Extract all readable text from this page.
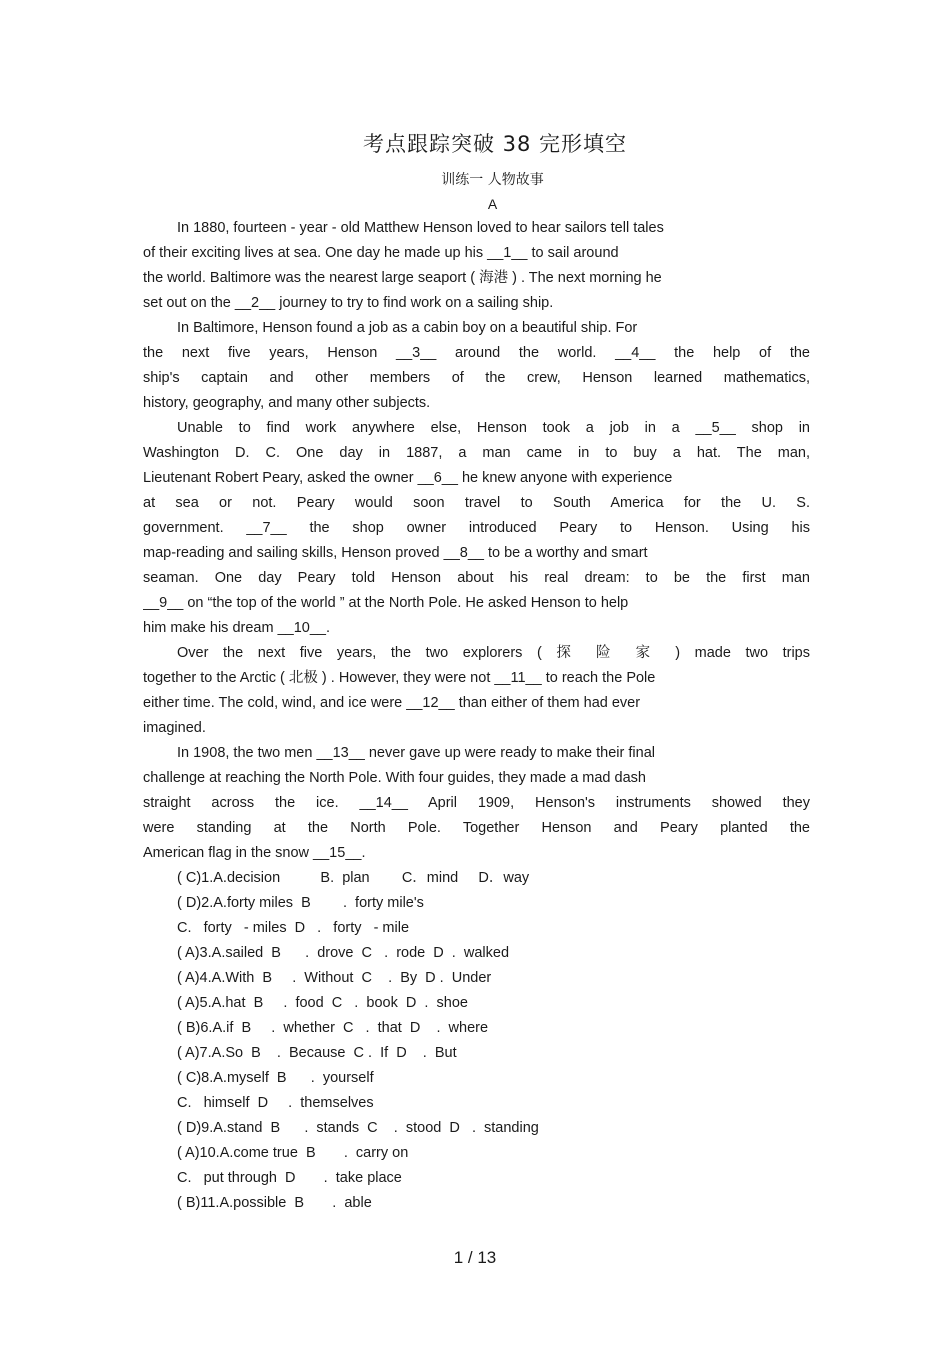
考点跟踪突破 38 完形填空
训练一 人物故事
A
In 1880, fourteen - year - old Matthew Henson loved to hear sailors tell tales
of their exciting lives at sea. One day he made up his __1__ to sail around
the world. Baltimore was the nearest large seaport ( 海港 ) . The next morning he
set out on the __2__ journey to try to find work on a sailing ship.
In Baltimore, Henson found a job as a cabin boy on a beautiful ship. For
the next five years, Henson __3__ around the world. __4__ the help of the
ship's captain and other members of the crew, Henson learned mathematics,
history, geography, and many other subjects.
Unable to find work anywhere else, Henson took a job in a __5__ shop in
Washington D. C. One day in 1887, a man came in to buy a hat. The man,
Lieutenant Robert Peary, asked the owner __6__ he knew anyone with experience
at sea or not. Peary would soon travel to South America for the U. S.
government. __7__ the shop owner introduced Peary to Henson. Using his
map-reading and sailing skills, Henson proved __8__ to be a worthy and smart
seaman. One day Peary told Henson about his real dream: to be the first man
__9__ on “the top of the world ” at the North Pole. He asked Henson to help
him make his dream __10__.
Over the next five years, the two explorers ( 探 险 家 ) made two trips
together to the Arctic ( 北极 ) . However, they were not __11__ to reach the Pole
either time. The cold, wind, and ice were __12__ than either of them had ever
imagined.
In 1908, the two men __13__ never gave up were ready to make their final
challenge at reaching the North Pole. With four guides, they made a mad dash
straight across the ice. __14__ April 1909, Henson's instruments showed they
were standing at the North Pole. Together Henson and Peary planted the
American flag in the snow __15__.
( C)1.A.decision          B.  plan        C．mind     D．way
( D)2.A.forty miles  B        .  forty mile's
C.   forty   - miles  D   .   forty   - mile
( A)3.A.sailed  B      .  drove  C   .  rode  D  .  walked
( A)4.A.With  B     .  Without  C    .  By  D .  Under
( A)5.A.hat  B     .  food  C   .  book  D  .  shoe
( B)6.A.if  B     .  whether  C   .  that  D    .  where
( A)7.A.So  B    .  Because  C .  If  D    .  But
( C)8.A.myself  B      .  yourself
C.   himself  D     .  themselves
( D)9.A.stand  B      .  stands  C    .  stood  D   .  standing
( A)10.A.come true  B       .  carry on
C.   put through  D       .  take place
( B)11.A.possible  B       .  able
1 / 13
